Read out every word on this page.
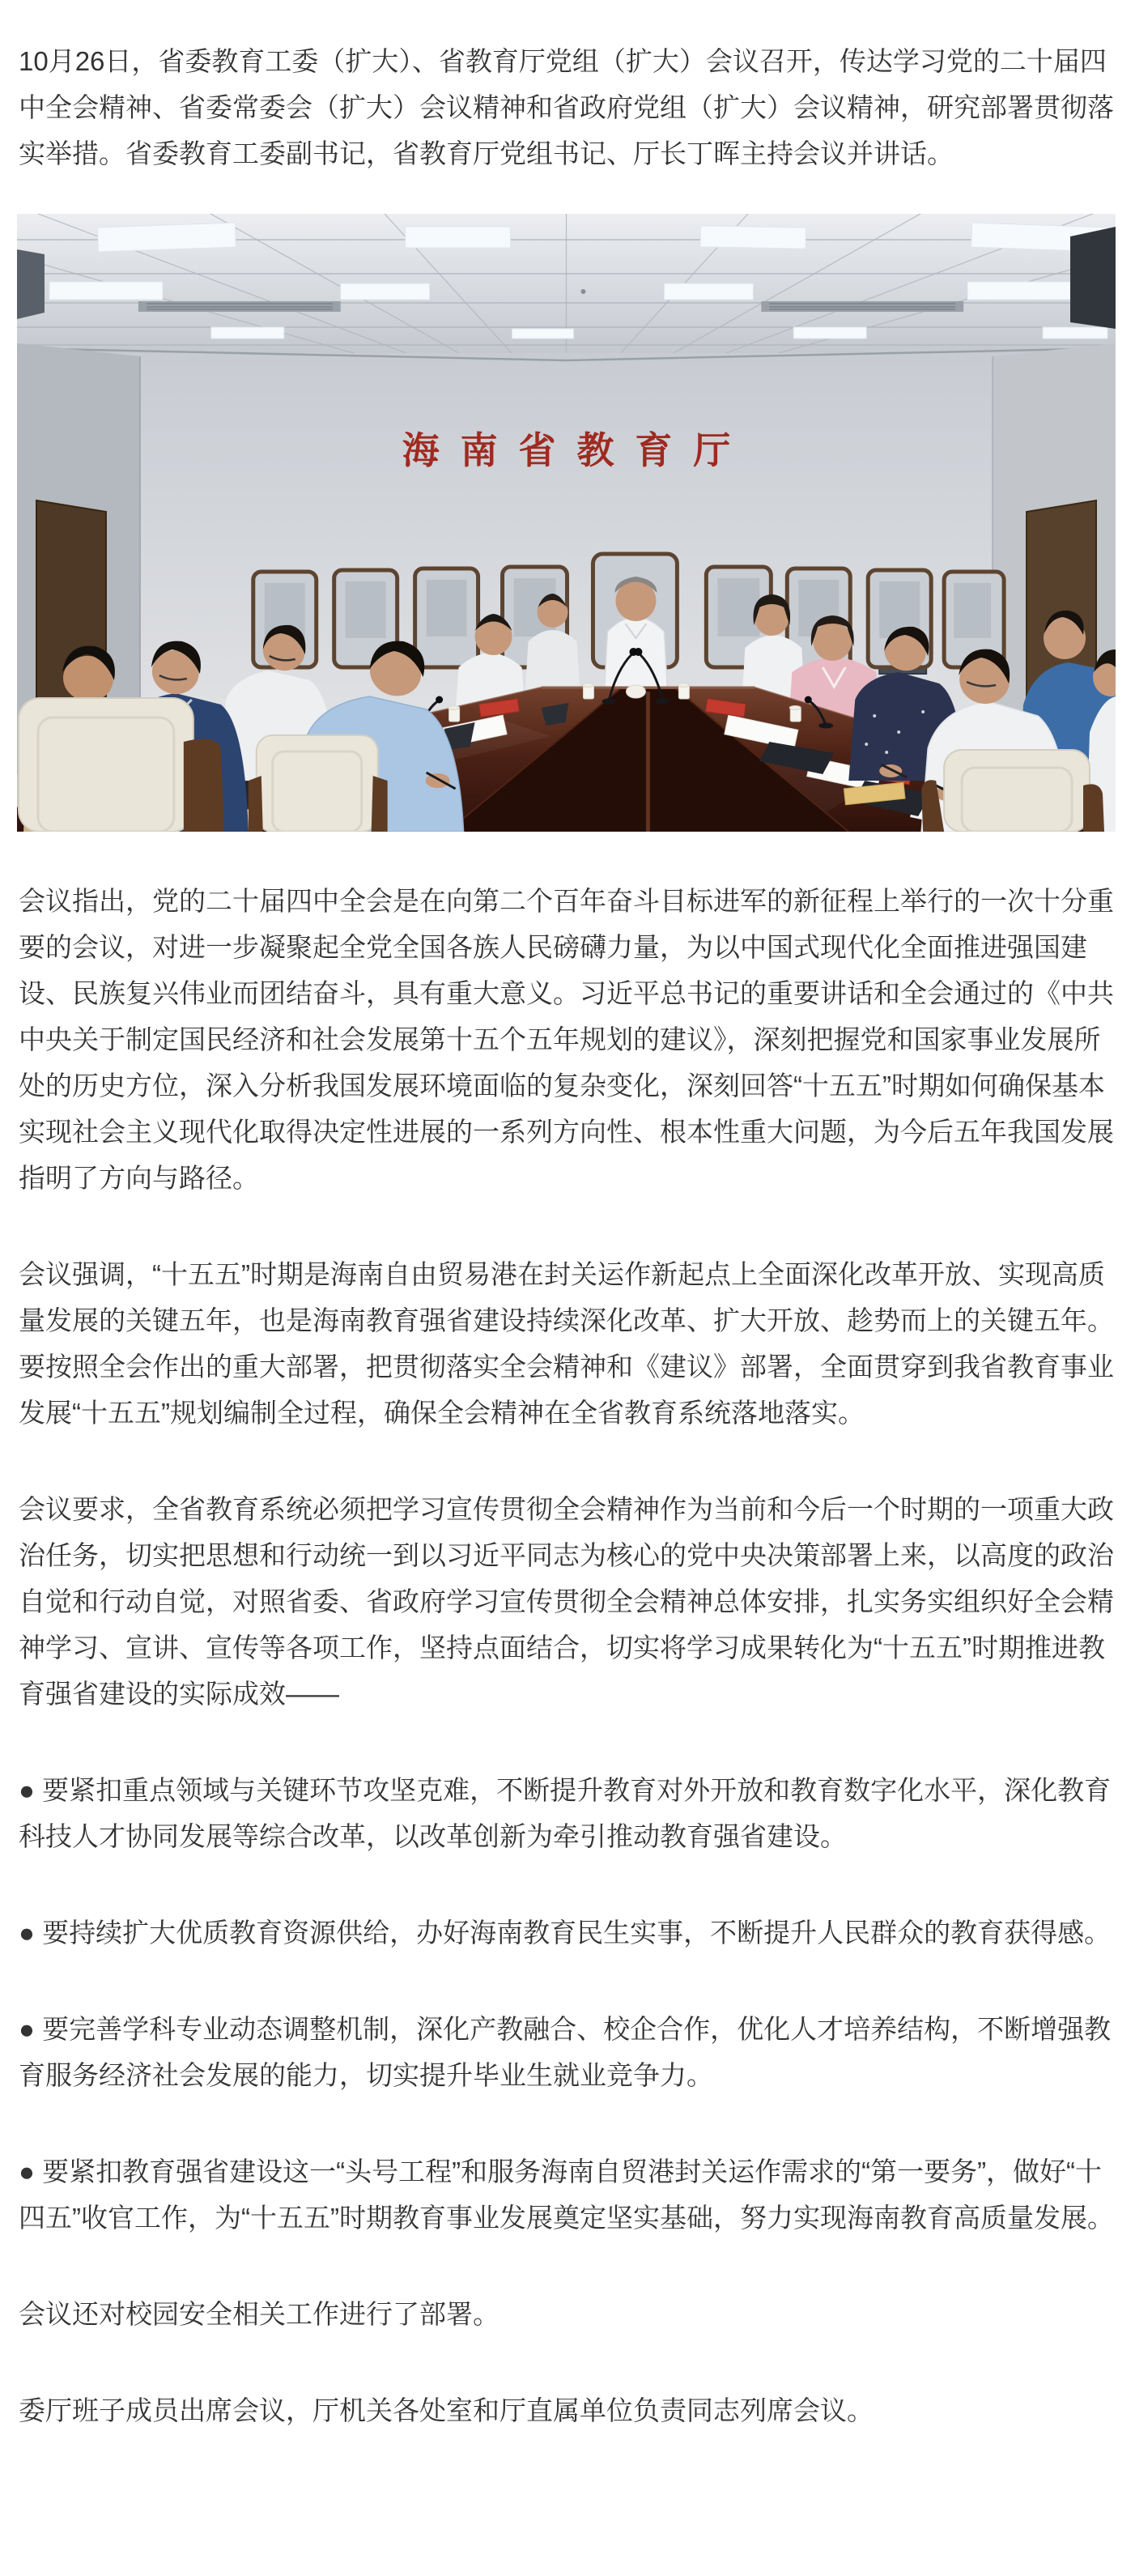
10月26日，省委教育工委（扩大）、省教育厅党组（扩大）会议召开，传达学习党的二十届四中全会精神、省委常委会（扩大）会议精神和省政府党组（扩大）会议精神，研究部署贯彻落实举措。省委教育工委副书记，省教育厅党组书记、厅长丁晖主持会议并讲话。

海南省教育厅

会议指出，党的二十届四中全会是在向第二个百年奋斗目标进军的新征程上举行的一次十分重要的会议，对进一步凝聚起全党全国各族人民磅礴力量，为以中国式现代化全面推进强国建设、民族复兴伟业而团结奋斗，具有重大意义。习近平总书记的重要讲话和全会通过的《中共中央关于制定国民经济和社会发展第十五个五年规划的建议》，深刻把握党和国家事业发展所处的历史方位，深入分析我国发展环境面临的复杂变化，深刻回答“十五五”时期如何确保基本实现社会主义现代化取得决定性进展的一系列方向性、根本性重大问题，为今后五年我国发展指明了方向与路径。

会议强调，“十五五”时期是海南自由贸易港在封关运作新起点上全面深化改革开放、实现高质量发展的关键五年，也是海南教育强省建设持续深化改革、扩大开放、趁势而上的关键五年。要按照全会作出的重大部署，把贯彻落实全会精神和《建议》部署，全面贯穿到我省教育事业发展“十五五”规划编制全过程，确保全会精神在全省教育系统落地落实。

会议要求，全省教育系统必须把学习宣传贯彻全会精神作为当前和今后一个时期的一项重大政治任务，切实把思想和行动统一到以习近平同志为核心的党中央决策部署上来，以高度的政治自觉和行动自觉，对照省委、省政府学习宣传贯彻全会精神总体安排，扎实务实组织好全会精神学习、宣讲、宣传等各项工作，坚持点面结合，切实将学习成果转化为“十五五”时期推进教育强省建设的实际成效——

● 要紧扣重点领域与关键环节攻坚克难，不断提升教育对外开放和教育数字化水平，深化教育科技人才协同发展等综合改革，以改革创新为牵引推动教育强省建设。

● 要持续扩大优质教育资源供给，办好海南教育民生实事，不断提升人民群众的教育获得感。

● 要完善学科专业动态调整机制，深化产教融合、校企合作，优化人才培养结构，不断增强教育服务经济社会发展的能力，切实提升毕业生就业竞争力。

● 要紧扣教育强省建设这一“头号工程”和服务海南自贸港封关运作需求的“第一要务”，做好“十四五”收官工作，为“十五五”时期教育事业发展奠定坚实基础，努力实现海南教育高质量发展。

会议还对校园安全相关工作进行了部署。

委厅班子成员出席会议，厅机关各处室和厅直属单位负责同志列席会议。
